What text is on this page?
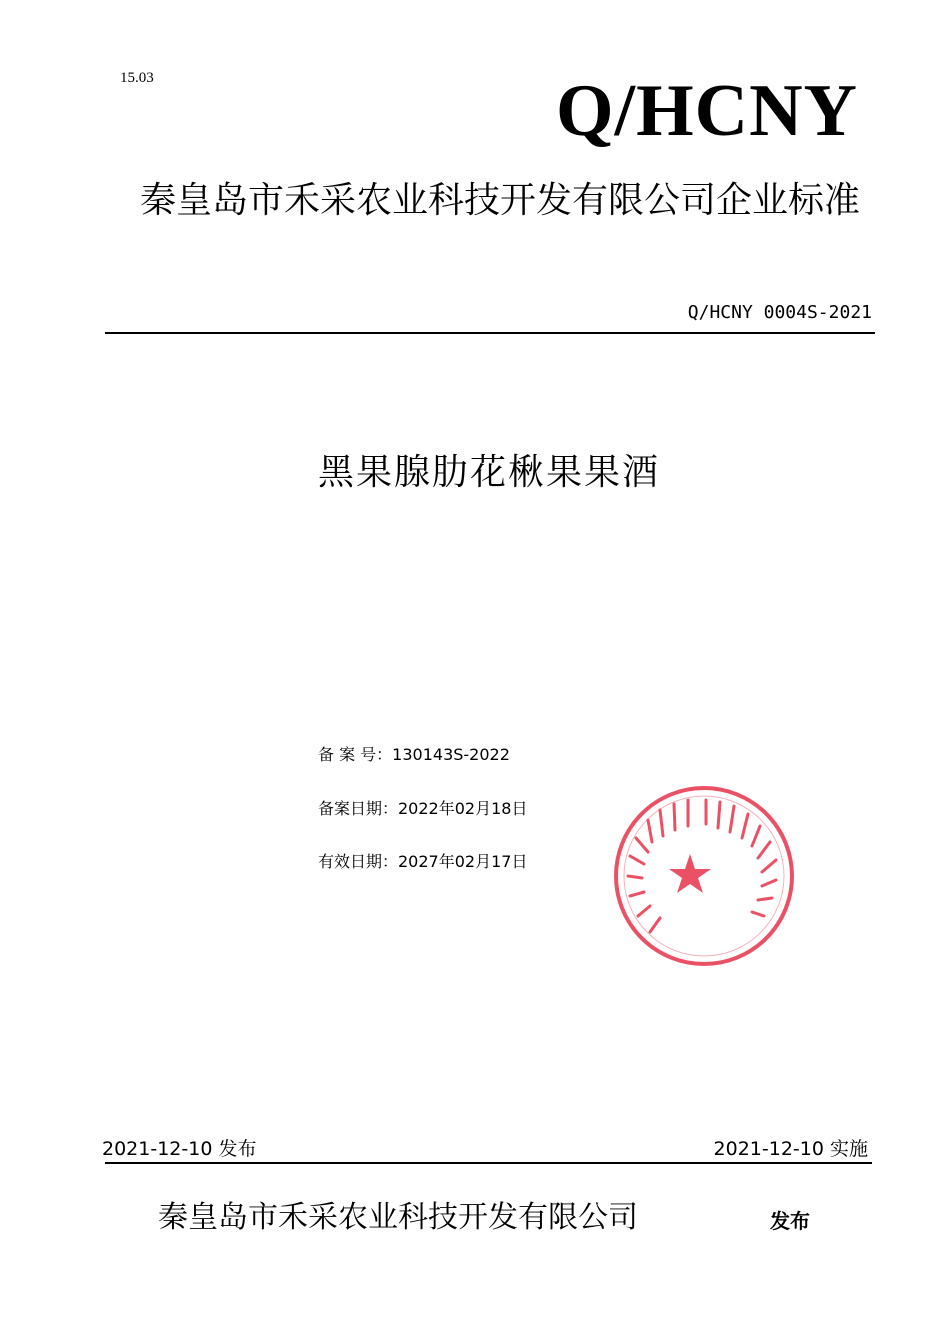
15.03	Q/HCNY
秦皇岛市禾采农业科技开发有限公司企业标准
Q/HCNY 0004S-2021
黑果腺肋花楸果果酒
备 案 号：130143S-2022
备案日期：2022年02月18日
有效日期：2027年02月17日
2021-12-10 发布	2021-12-10 实施
秦皇岛市禾采农业科技开发有限公司	发布
